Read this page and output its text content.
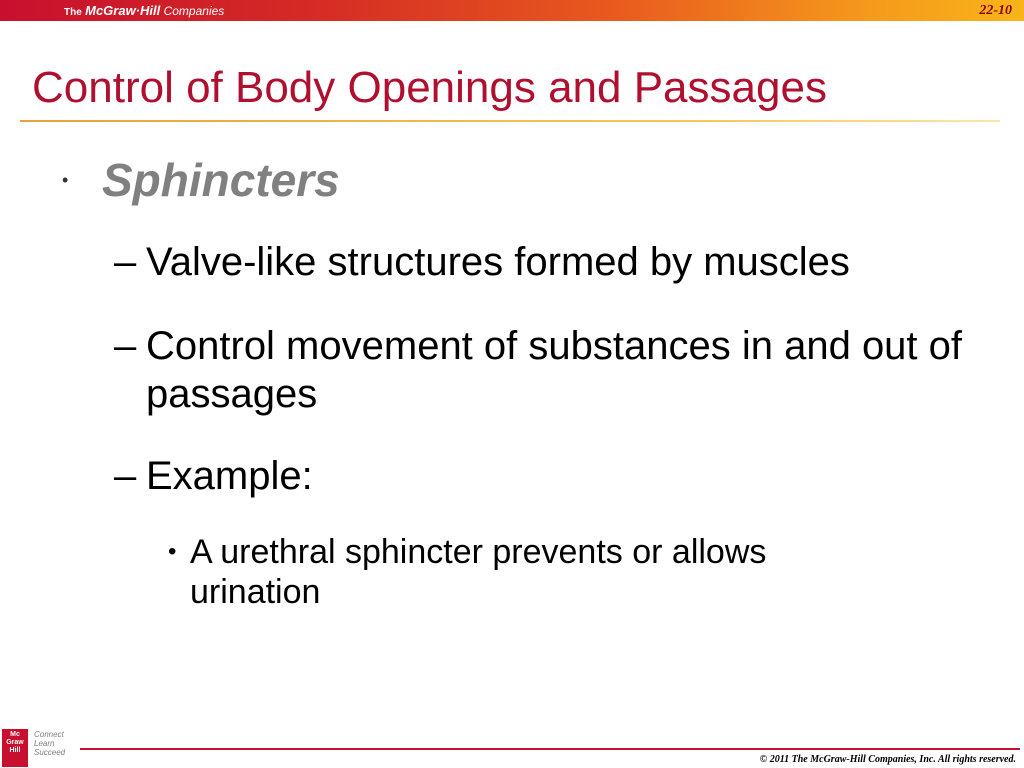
The McGraw·Hill Companies	22-10
Control of Body Openings and Passages
• Sphincters
– Valve-like structures formed by muscles
– Control movement of substances in and out of passages
– Example:
• A urethral sphincter prevents or allows urination
Mc Graw Hill
Connect
Learn
Succeed
© 2011 The McGraw-Hill Companies, Inc. All rights reserved.
